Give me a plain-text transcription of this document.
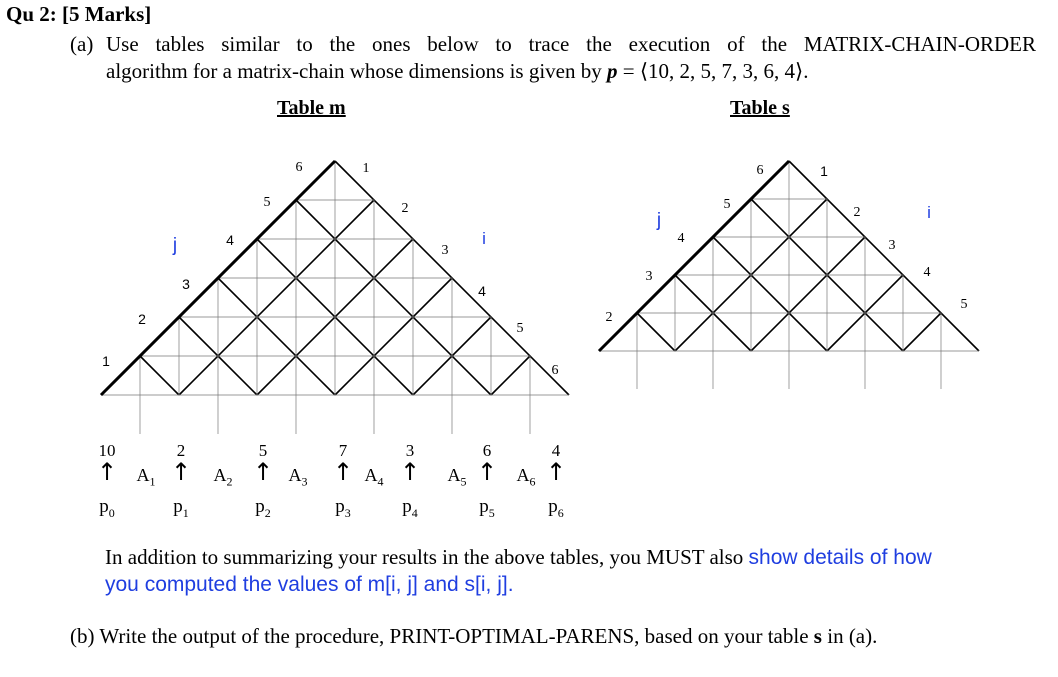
Qu 2: [5 Marks]
(a) Use tables similar to the ones below to trace the execution of the MATRIX-CHAIN-ORDER
algorithm for a matrix-chain whose dimensions is given by p = ⟨10, 2, 5, 7, 3, 6, 4⟩.
Table m	Table s
1
2
3
4
5
6	1
2
3
4
5
6
j	i
2
3
4
5
6	1
2
3
4
5
j	i
10	2	5	7	3	6	4
↑ ↑	↑ ↑ ↑ ↑ ↑
$A_1$	$A_2$	$A_3$	$A_4$	$A_5$	$A_6$
$p_0$	$p_1$	$p_2$	$p_3$	$p_4$	$p_5$	$p_6$
In addition to summarizing your results in the above tables, you MUST also show details of how
you computed the values of m[i, j] and s[i, j].
(b) Write the output of the procedure, PRINT-OPTIMAL-PARENS, based on your table s in (a).
